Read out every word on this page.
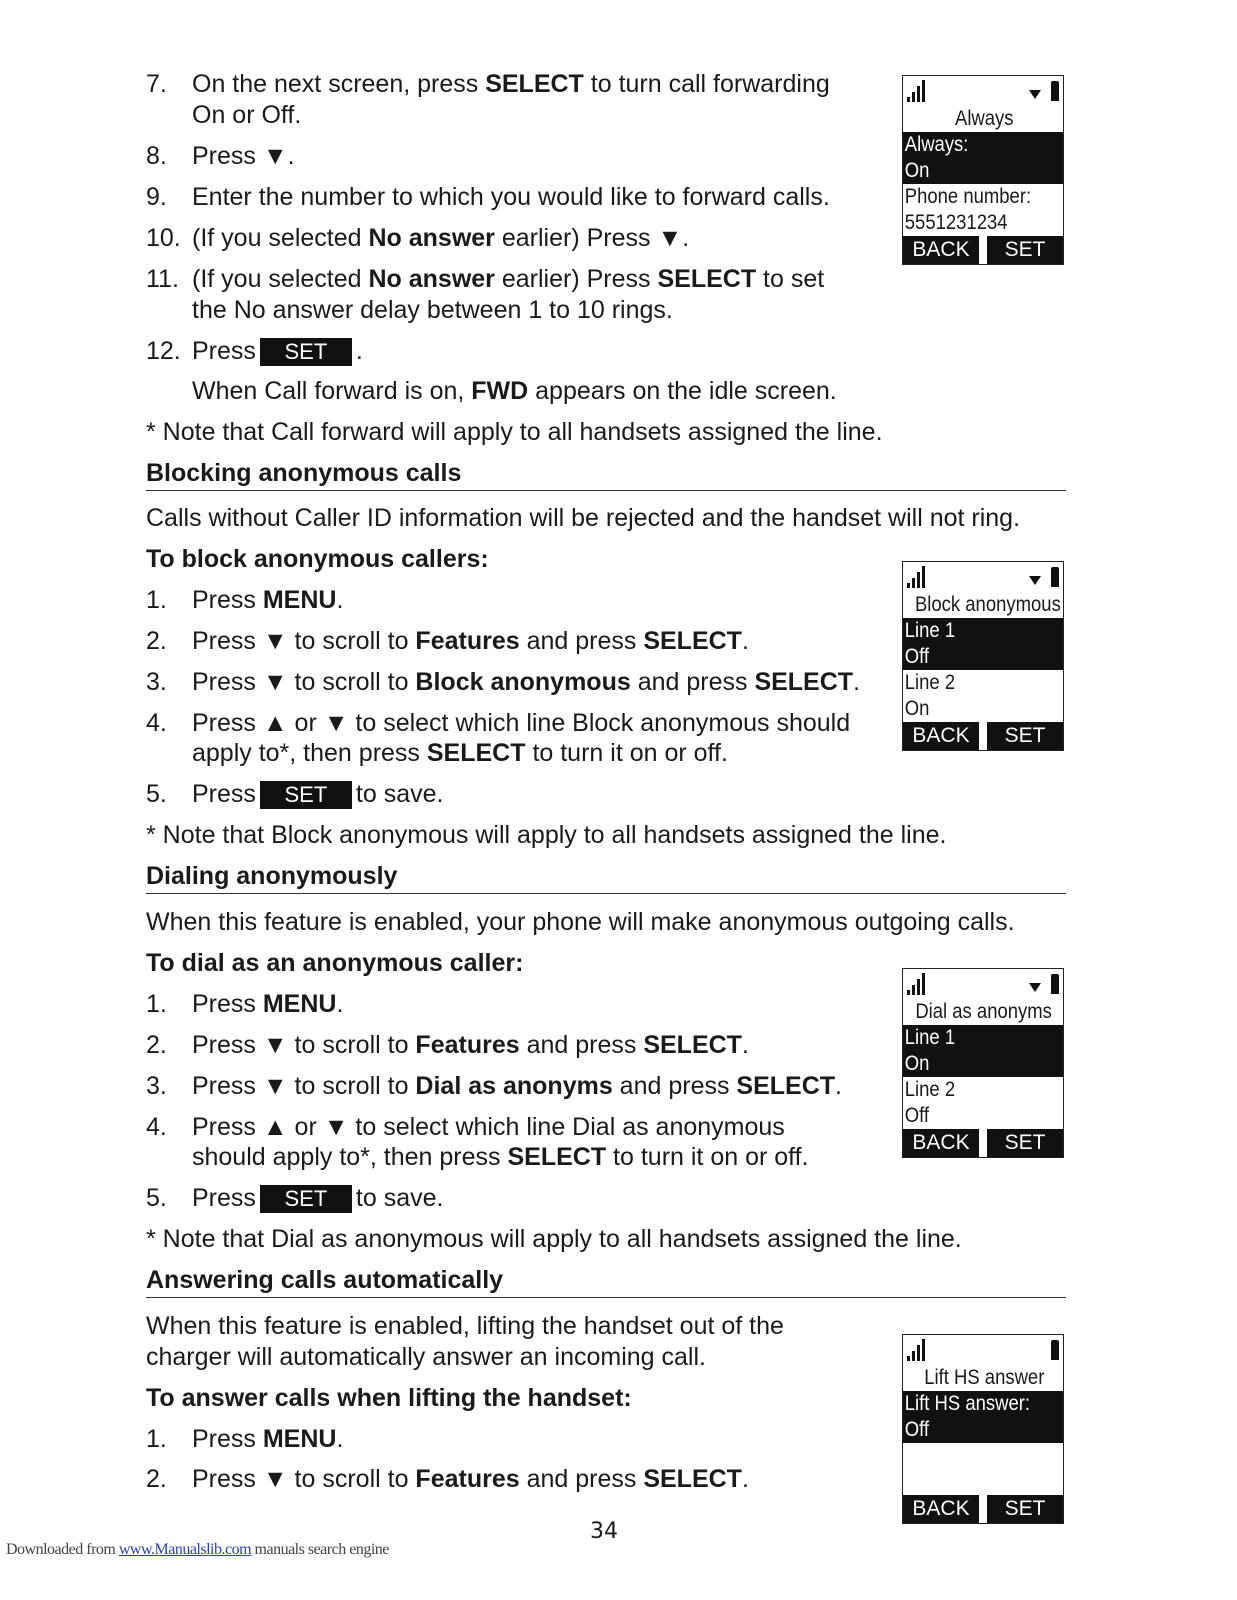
7. On the next screen, press SELECT to turn call forwarding
On or Off.
8. Press ▼.
9. Enter the number to which you would like to forward calls.
10. (If you selected No answer earlier) Press ▼.
11. (If you selected No answer earlier) Press SELECT to set
the No answer delay between 1 to 10 rings.
12. Press SET .
When Call forward is on, FWD appears on the idle screen.
* Note that Call forward will apply to all handsets assigned the line.
Always
Always:
On
Phone number:
5551231234
BACK	SET
Blocking anonymous calls
Calls without Caller ID information will be rejected and the handset will not ring.
To block anonymous callers:
1. Press MENU.
2. Press ▼ to scroll to Features and press SELECT.
3. Press ▼ to scroll to Block anonymous and press SELECT.
4. Press ▲ or ▼ to select which line Block anonymous should
apply to*, then press SELECT to turn it on or off.
5. Press SET to save.
* Note that Block anonymous will apply to all handsets assigned the line.
Block anonymous
Line 1
Off
Line 2
On
BACK	SET
Dialing anonymously
When this feature is enabled, your phone will make anonymous outgoing calls.
To dial as an anonymous caller:
1. Press MENU.
2. Press ▼ to scroll to Features and press SELECT.
3. Press ▼ to scroll to Dial as anonyms and press SELECT.
4. Press ▲ or ▼ to select which line Dial as anonymous
should apply to*, then press SELECT to turn it on or off.
5. Press SET to save.
* Note that Dial as anonymous will apply to all handsets assigned the line.
Dial as anonyms
Line 1
On
Line 2
Off
BACK	SET
Answering calls automatically
When this feature is enabled, lifting the handset out of the
charger will automatically answer an incoming call.
To answer calls when lifting the handset:
1. Press MENU.
2. Press ▼ to scroll to Features and press SELECT.
Lift HS answer
Lift HS answer:
Off
BACK	SET
34
Downloaded from www.Manualslib.com manuals search engine
